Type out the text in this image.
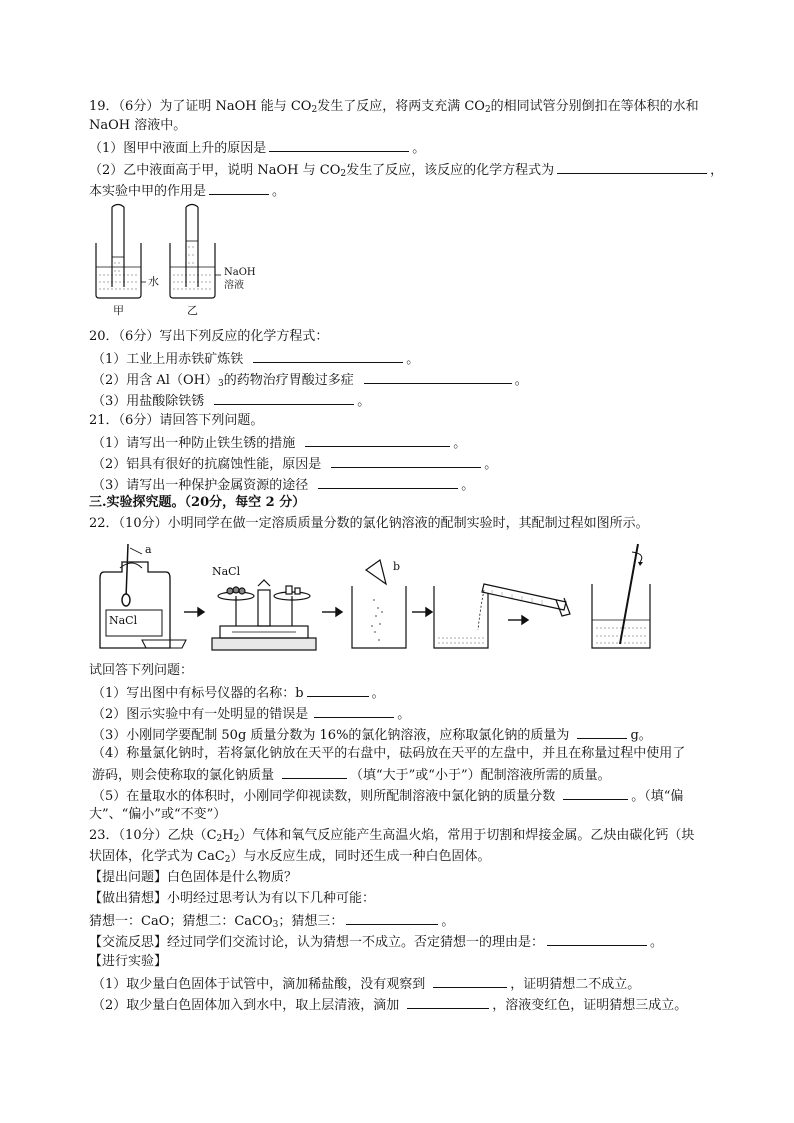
19．（6分）为了证明 NaOH 能与 $CO_2$发生了反应，将两支充满 $CO_2$的相同试管分别倒扣在等体积的水和
NaOH 溶液中。
（1）图甲中液面上升的原因是	。
（2）乙中液面高于甲，说明 NaOH 与 $CO_2$发生了反应，该反应的化学方程式为	，
本实验中甲的作用是	。
水
NaOH
溶液
甲	乙
20．（6分）写出下列反应的化学方程式：
（1）工业上用赤铁矿炼铁	。
（2）用含 $Al(OH)_3$的药物治疗胃酸过多症	。
（3）用盐酸除铁锈	。
21．（6分）请回答下列问题。
（1）请写出一种防止铁生锈的措施	。
（2）铝具有很好的抗腐蚀性能，原因是	。
（3）请写出一种保护金属资源的途径	。
三.实验探究题。（20分，每空 2 分）
22．（10分）小明同学在做一定溶质质量分数的氯化钠溶液的配制实验时，其配制过程如图所示。
a
b
NaCl
NaCl
试回答下列问题：
（1）写出图中有标号仪器的名称：b	。
（2）图示实验中有一处明显的错误是	。
（3）小刚同学要配制 50g 质量分数为 16%的氯化钠溶液，应称取氯化钠的质量为	g。
（4）称量氯化钠时，若将氯化钠放在天平的右盘中，砝码放在天平的左盘中，并且在称量过程中使用了
游码，则会使称取的氯化钠质量	（填“大于”或“小于”）配制溶液所需的质量。
（5）在量取水的体积时，小刚同学仰视读数，则所配制溶液中氯化钠的质量分数	。（填“偏
大”、“偏小”或“不变”）
23．（10分）乙炔$(C_2H_2)$气体和氧气反应能产生高温火焰，常用于切割和焊接金属。乙炔由碳化钙（块
状固体，化学式为 CaC$_2$）与水反应生成，同时还生成一种白色固体。
【提出问题】白色固体是什么物质？
【做出猜想】小明经过思考认为有以下几种可能：
猜想一：CaO；猜想二：CaCO$_3$；猜想三：	。
【交流反思】经过同学们交流讨论，认为猜想一不成立。否定猜想一的理由是：	。
【进行实验】
（1）取少量白色固体于试管中，滴加稀盐酸，没有观察到	，证明猜想二不成立。
（2）取少量白色固体加入到水中，取上层清液，滴加	，溶液变红色，证明猜想三成立。
